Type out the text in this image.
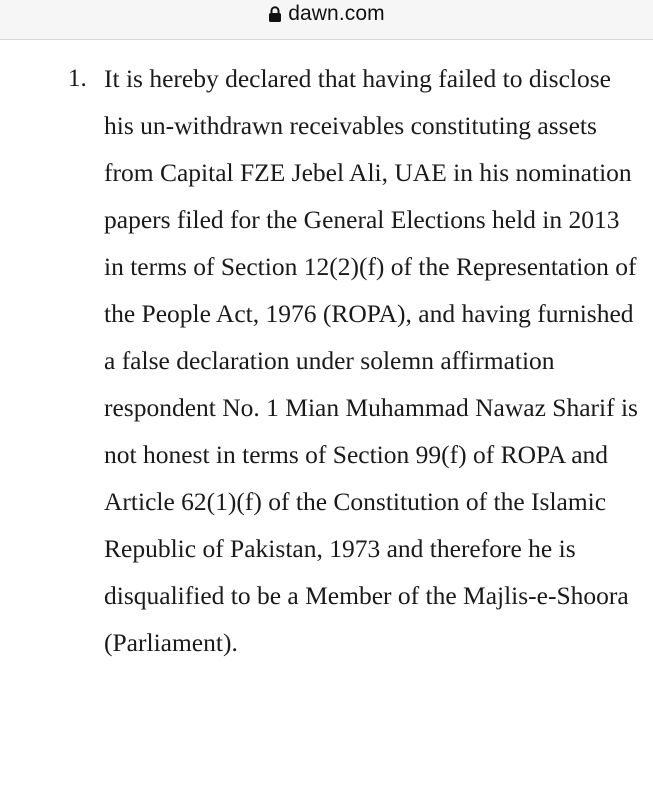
dawn.com
1. It is hereby declared that having failed to disclose his un-withdrawn receivables constituting assets from Capital FZE Jebel Ali, UAE in his nomination papers filed for the General Elections held in 2013 in terms of Section 12(2)(f) of the Representation of the People Act, 1976 (ROPA), and having furnished a false declaration under solemn affirmation respondent No. 1 Mian Muhammad Nawaz Sharif is not honest in terms of Section 99(f) of ROPA and Article 62(1)(f) of the Constitution of the Islamic Republic of Pakistan, 1973 and therefore he is disqualified to be a Member of the Majlis-e-Shoora (Parliament).
